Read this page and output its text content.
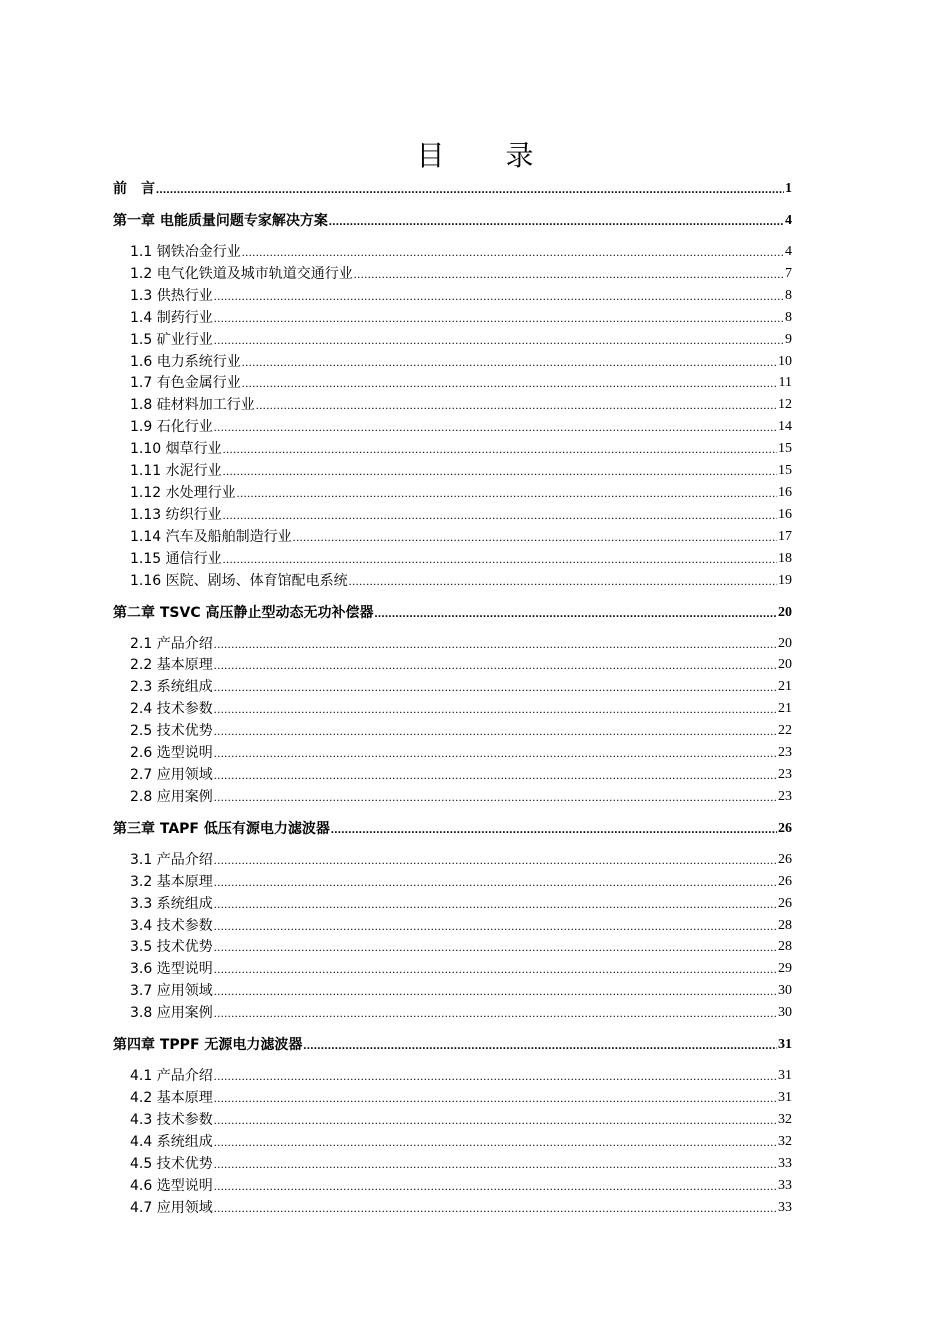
目 录
前　言 .....	1
第一章 电能质量问题专家解决方案 .....	4
1.1 钢铁冶金行业 .....	4
1.2 电气化铁道及城市轨道交通行业 .....	7
1.3 供热行业 .....	8
1.4 制药行业 .....	8
1.5 矿业行业 .....	9
1.6 电力系统行业 .....	10
1.7 有色金属行业 .....	11
1.8 硅材料加工行业 .....	12
1.9 石化行业 .....	14
1.10 烟草行业 .....	15
1.11 水泥行业 .....	15
1.12 水处理行业 .....	16
1.13 纺织行业 .....	16
1.14 汽车及船舶制造行业 .....	17
1.15 通信行业 .....	18
1.16 医院、剧场、体育馆配电系统 .....	19
第二章 TSVC 高压静止型动态无功补偿器 .....	20
2.1 产品介绍 .....	20
2.2 基本原理 .....	20
2.3 系统组成 .....	21
2.4 技术参数 .....	21
2.5 技术优势 .....	22
2.6 选型说明 .....	23
2.7 应用领域 .....	23
2.8 应用案例 .....	23
第三章 TAPF 低压有源电力滤波器 .....	26
3.1 产品介绍 .....	26
3.2 基本原理 .....	26
3.3 系统组成 .....	26
3.4 技术参数 .....	28
3.5 技术优势 .....	28
3.6 选型说明 .....	29
3.7 应用领域 .....	30
3.8 应用案例 .....	30
第四章 TPPF 无源电力滤波器 .....	31
4.1 产品介绍 .....	31
4.2 基本原理 .....	31
4.3 技术参数 .....	32
4.4 系统组成 .....	32
4.5 技术优势 .....	33
4.6 选型说明 .....	33
4.7 应用领域 .....	33
